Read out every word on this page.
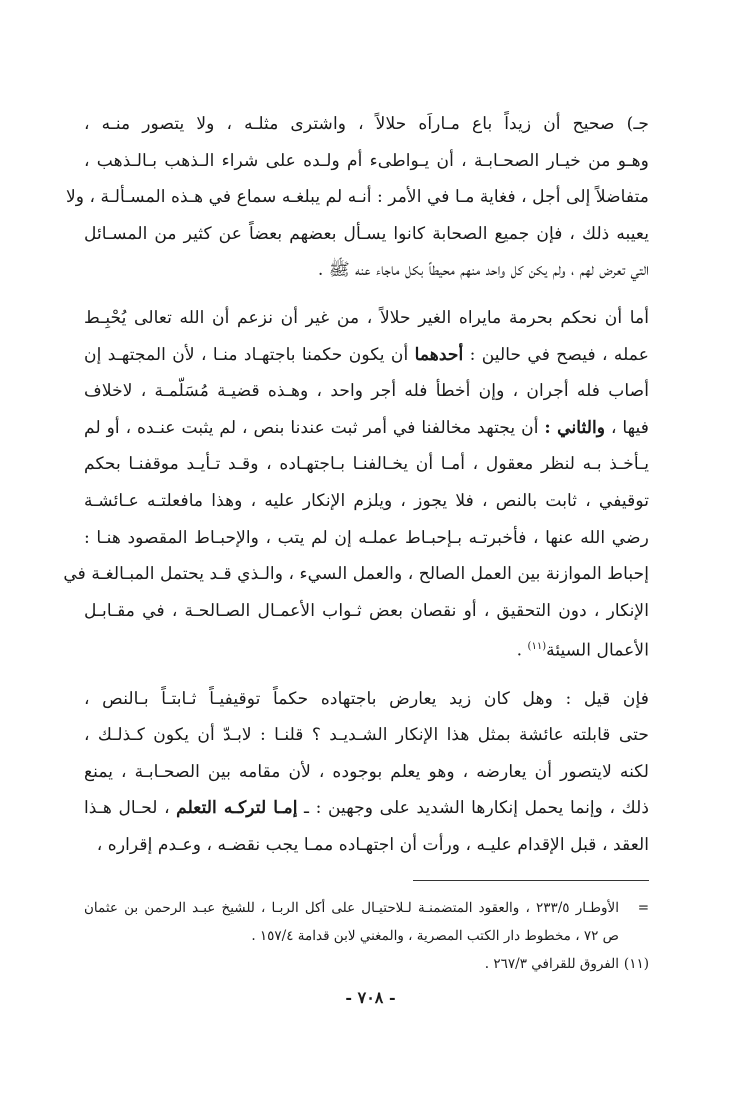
جـ) صحيح أن زيداً باع مـاراَه حلالاً ، واشترى مثلـه ، ولا يتصور منـه ،
وهـو من خيـار الصحـابـة ، أن يـواطىء أم ولـده على شراء الـذهب بـالـذهب ،
متفاضلاً إلى أجل ، فغاية مـا في الأمر : أنـه لم يبلغـه سماع في هـذه المسـألـة ، ولا
يعيبه ذلك ، فإن جميع الصحابة كانوا يسـأل بعضهم بعضاً عن كثير من المسـائل
التي تعرض لهم ، ولم يكن كل واحد منهم محيطاً بكل ماجاء عنه ﷺ .

أما أن نحكم بحرمة مايراه الغير حلالاً ، من غير أن نزعم أن الله تعالى يُحْبِـط
عمله ، فيصح في حالين : أحدهما أن يكون حكمنا باجتهـاد منـا ، لأن المجتهـد إن
أصاب فله أجران ، وإن أخطأ فله أجر واحد ، وهـذه قضيـة مُسَلّمـة ، لاخلاف
فيها ، والثاني : أن يجتهد مخالفنا في أمر ثبت عندنا بنص ، لم يثبت عنـده ، أو لم
يـأخـذ بـه لنظر معقول ، أمـا أن يخـالفنـا بـاجتهـاده ، وقـد تـأيـد موقفنـا بحكم
توقيفي ، ثابت بالنص ، فلا يجوز ، ويلزم الإنكار عليه ، وهذا مافعلتـه عـائشـة
رضي الله عنها ، فأخبرتـه بـإحبـاط عملـه إن لم يتب ، والإحبـاط المقصود هنـا :
إحباط الموازنة بين العمل الصالح ، والعمل السيء ، والـذي قـد يحتمل المبـالغـة في
الإنكار ، دون التحقيق ، أو نقصان بعض ثـواب الأعمـال الصـالحـة ، في مقـابـل
الأعمال السيئة$^{(١١)}$ .

فإن قيل : وهل كان زيد يعارض باجتهاده حكماً توقيفيـاً ثـابتـاً بـالنص ،
حتى قابلته عائشة بمثل هذا الإنكار الشـديـد ؟ قلنـا : لابـدّ أن يكون كـذلـك ،
لكنه لايتصور أن يعارضه ، وهو يعلم بوجوده ، لأن مقامه بين الصحـابـة ، يمنع
ذلك ، وإنما يحمل إنكارها الشديد على وجهين : ـ إمـا لتركـه التعلم ، لحـال هـذا
العقد ، قبل الإقدام عليـه ، ورأت أن اجتهـاده ممـا يجب نقضـه ، وعـدم إقراره ،

=
الأوطـار ٢٣٣/٥ ، والعقود المتضمنـة لـلاحتيـال على أكل الربـا ، للشيخ عبـد الرحمن بن عثمان
ص ٧٢ ، مخطوط دار الكتب المصرية ، والمغني لابن قدامة ١٥٧/٤ .
(١١)
الفروق للقرافي ٢٦٧/٣ .
- ٧٠٨ -
